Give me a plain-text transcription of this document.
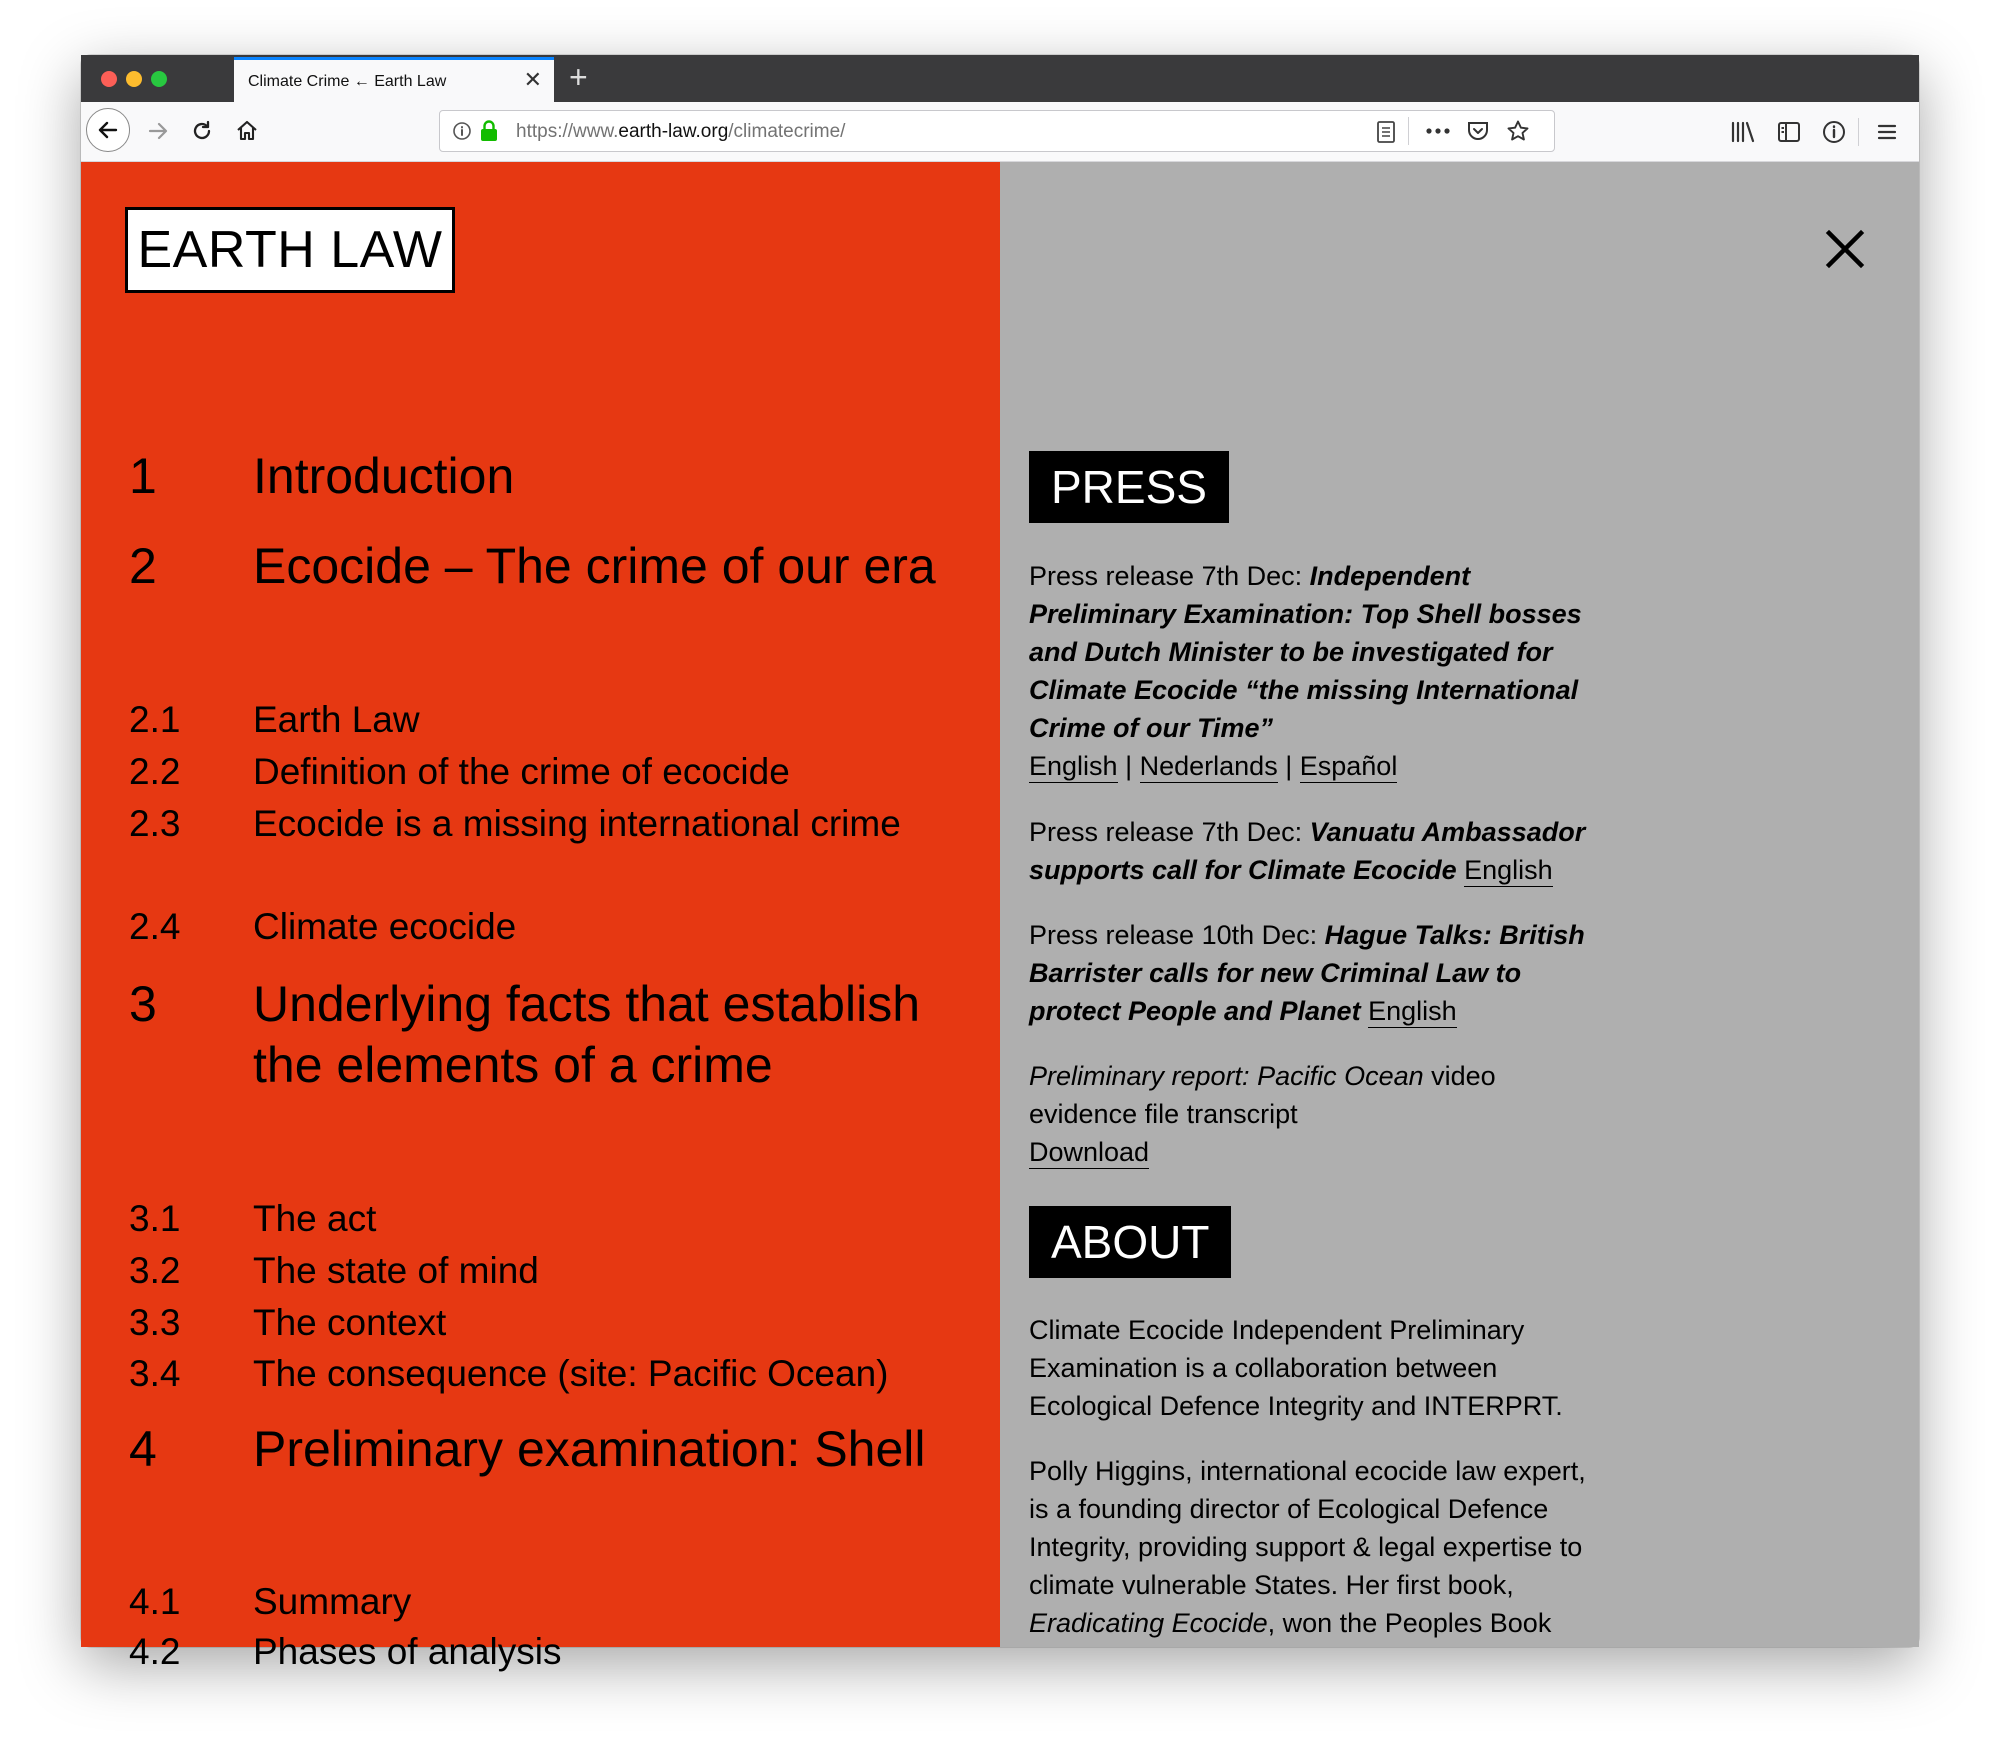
Climate Crime ← Earth Law	✕ +
https://www.earth-law.org/climatecrime/
EARTH LAW
1 Introduction
2 Ecocide – The crime of our era
2.1 Earth Law
2.2 Definition of the crime of ecocide
2.3 Ecocide is a missing international crime
2.4 Climate ecocide
3 Underlying facts that establish the elements of a crime
3.1 The act
3.2 The state of mind
3.3 The context
3.4 The consequence (site: Pacific Ocean)
4 Preliminary examination: Shell
4.1 Summary
4.2 Phases of analysis
PRESS
Press release 7th Dec: Independent Preliminary Examination: Top Shell bosses and Dutch Minister to be investigated for Climate Ecocide “the missing International Crime of our Time”
English | Nederlands | Español
Press release 7th Dec: Vanuatu Ambassador supports call for Climate Ecocide English
Press release 10th Dec: Hague Talks: British Barrister calls for new Criminal Law to protect People and Planet English
Preliminary report: Pacific Ocean video evidence file transcript
Download
ABOUT
Climate Ecocide Independent Preliminary Examination is a collaboration between Ecological Defence Integrity and INTERPRT.
Polly Higgins, international ecocide law expert, is a founding director of Ecological Defence Integrity, providing support & legal expertise to climate vulnerable States. Her first book, Eradicating Ecocide, won the Peoples Book
